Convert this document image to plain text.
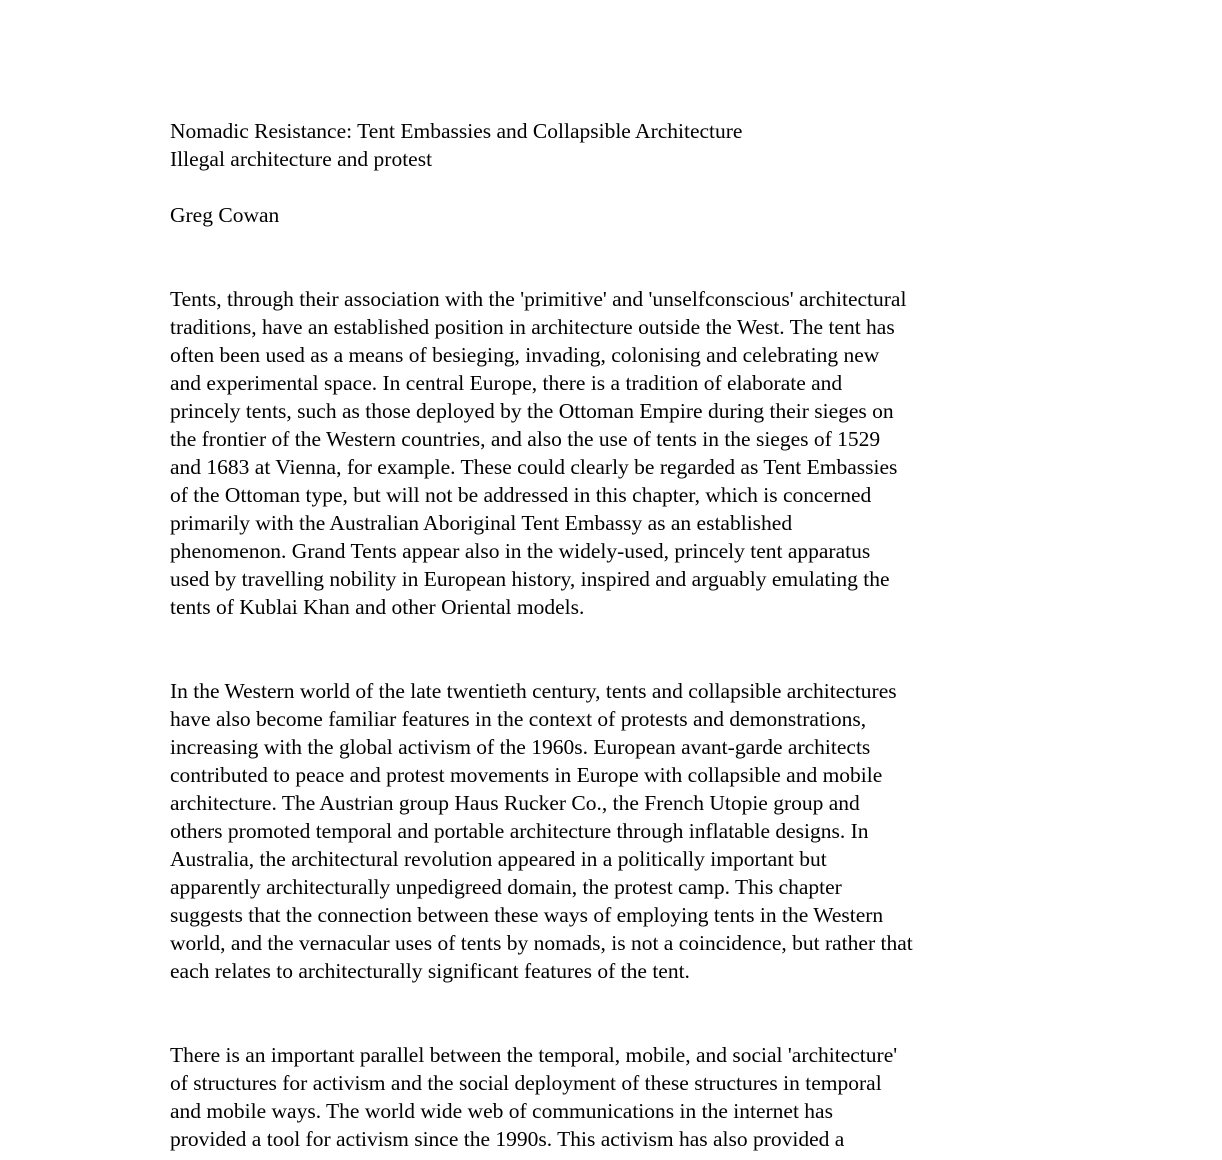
Nomadic Resistance: Tent Embassies and Collapsible Architecture

Illegal architecture and protest

Greg Cowan

Tents, through their association with the 'primitive' and 'unselfconscious' architectural
traditions, have an established position in architecture outside the West. The tent has
often been used as a means of besieging, invading, colonising and celebrating new
and experimental space. In central Europe, there is a tradition of elaborate and
princely tents, such as those deployed by the Ottoman Empire during their sieges on
the frontier of the Western countries, and also the use of tents in the sieges of 1529
and 1683 at Vienna, for example. These could clearly be regarded as Tent Embassies
of the Ottoman type, but will not be addressed in this chapter, which is concerned
primarily with the Australian Aboriginal Tent Embassy as an established
phenomenon. Grand Tents appear also in the widely-used, princely tent apparatus
used by travelling nobility in European history, inspired and arguably emulating the
tents of Kublai Khan and other Oriental models.
In the Western world of the late twentieth century, tents and collapsible architectures
have also become familiar features in the context of protests and demonstrations,
increasing with the global activism of the 1960s. European avant-garde architects
contributed to peace and protest movements in Europe with collapsible and mobile
architecture. The Austrian group Haus Rucker Co., the French Utopie group and
others promoted temporal and portable architecture through inflatable designs. In
Australia, the architectural revolution appeared in a politically important but
apparently architecturally unpedigreed domain, the protest camp. This chapter
suggests that the connection between these ways of employing tents in the Western
world, and the vernacular uses of tents by nomads, is not a coincidence, but rather that
each relates to architecturally significant features of the tent.
There is an important parallel between the temporal, mobile, and social 'architecture'
of structures for activism and the social deployment of these structures in temporal
and mobile ways. The world wide web of communications in the internet has
provided a tool for activism since the 1990s. This activism has also provided a
